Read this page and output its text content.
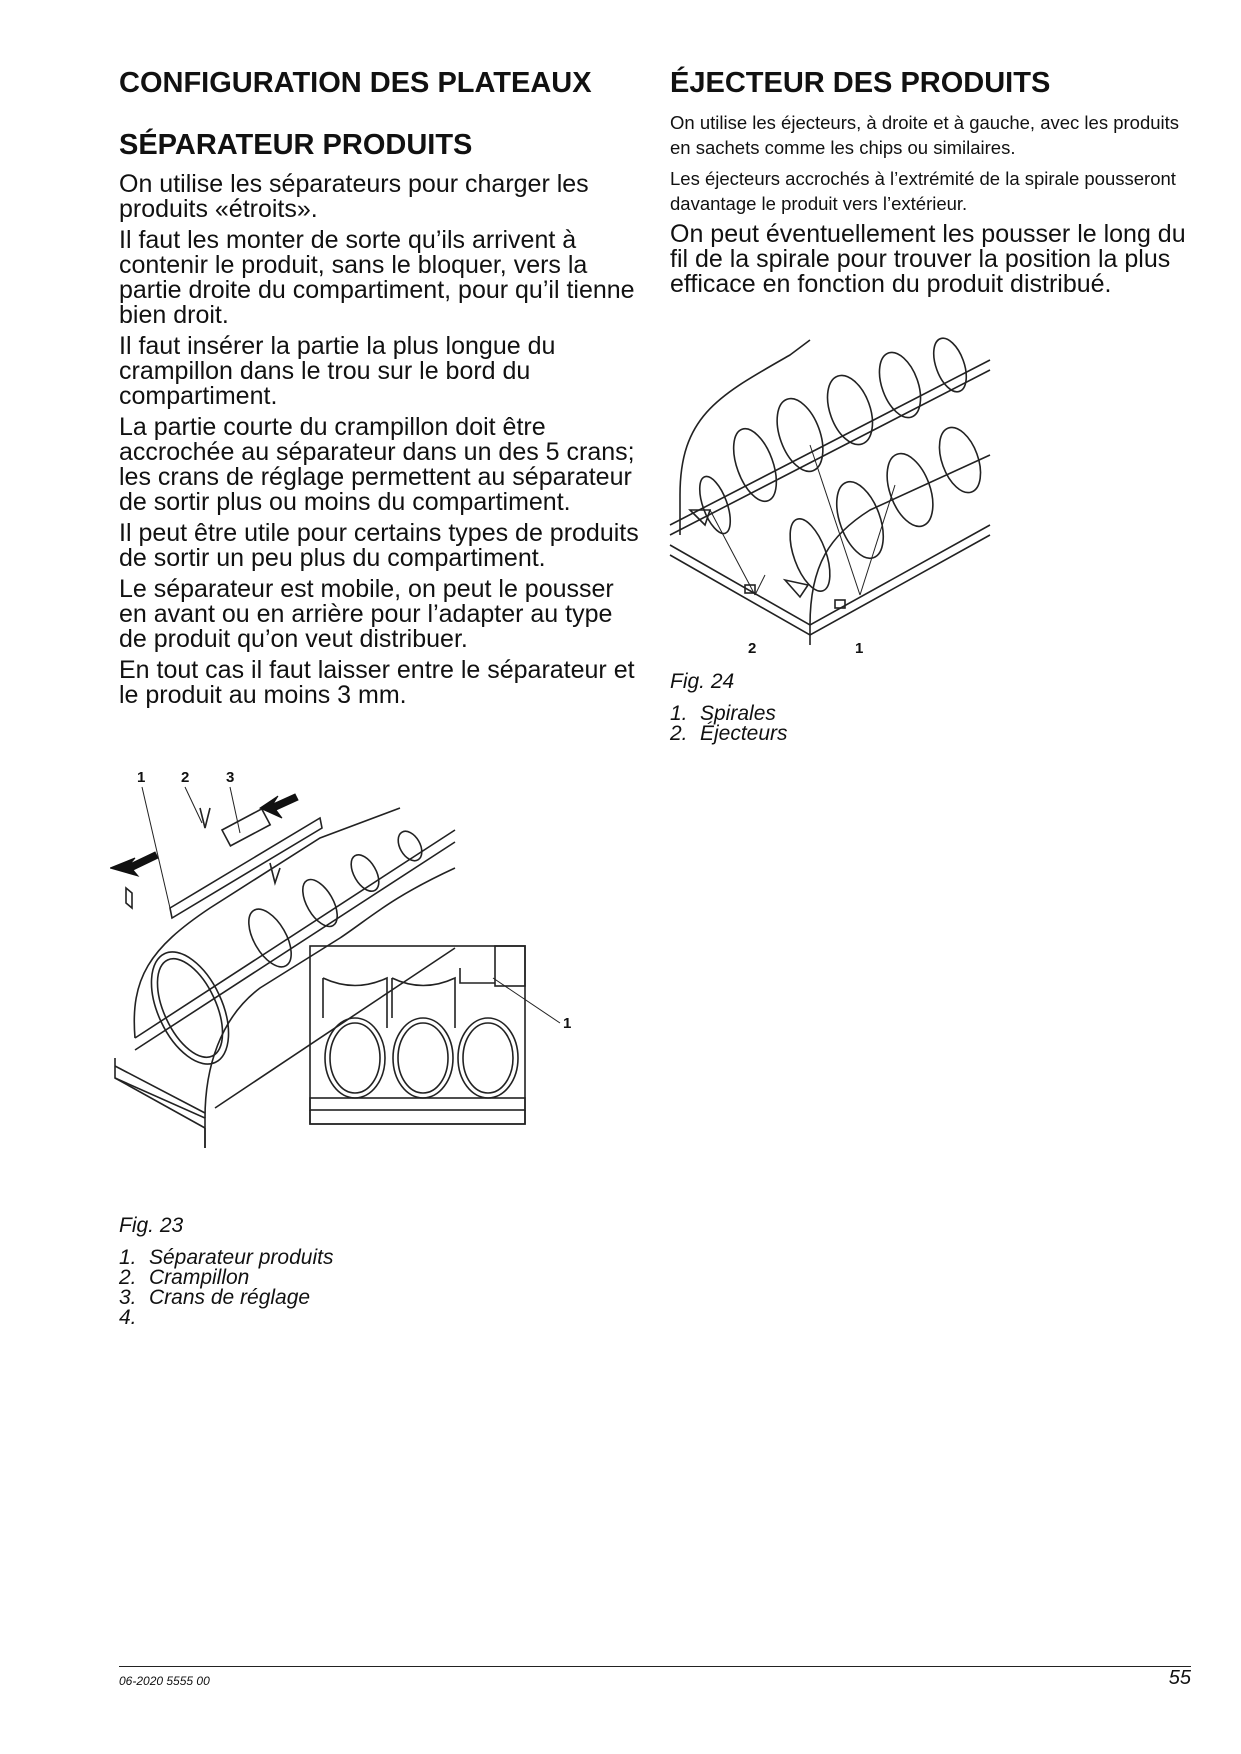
CONFIGURATION DES PLATEAUX
SÉPARATEUR PRODUITS

On utilise les séparateurs pour charger les produits «étroits».

Il faut les monter de sorte qu’ils arrivent à contenir le produit, sans le bloquer, vers la partie droite du compartiment, pour qu’il tienne bien droit.

Il faut insérer la partie la plus longue du crampillon dans le trou sur le bord du compartiment.

La partie courte du crampillon doit être accrochée au séparateur dans un des 5 crans; les crans de réglage permettent au séparateur de sortir plus ou moins du compartiment.

Il peut être utile pour certains types de produits de sortir un peu plus du compartiment.

Le séparateur est mobile, on peut le pousser en avant ou en arrière pour l’adapter au type de produit qu’on veut distribuer.

En tout cas il faut laisser entre le séparateur et le produit au moins 3 mm.

1 2 3
1

Fig. 23

1. Séparateur produits
2. Crampillon
3. Crans de réglage
4.
ÉJECTEUR DES PRODUITS

On utilise les éjecteurs, à droite et à gauche, avec les produits en sachets comme les chips ou similaires.

Les éjecteurs accrochés à l’extrémité de la spirale pousseront davantage le produit vers l’extérieur.

On peut éventuellement les pousser le long du fil de la spirale pour trouver la position la plus efficace en fonction du produit distribué.

2	1

Fig. 24

1. Spirales
2. Éjecteurs
06-2020 5555 00	55
